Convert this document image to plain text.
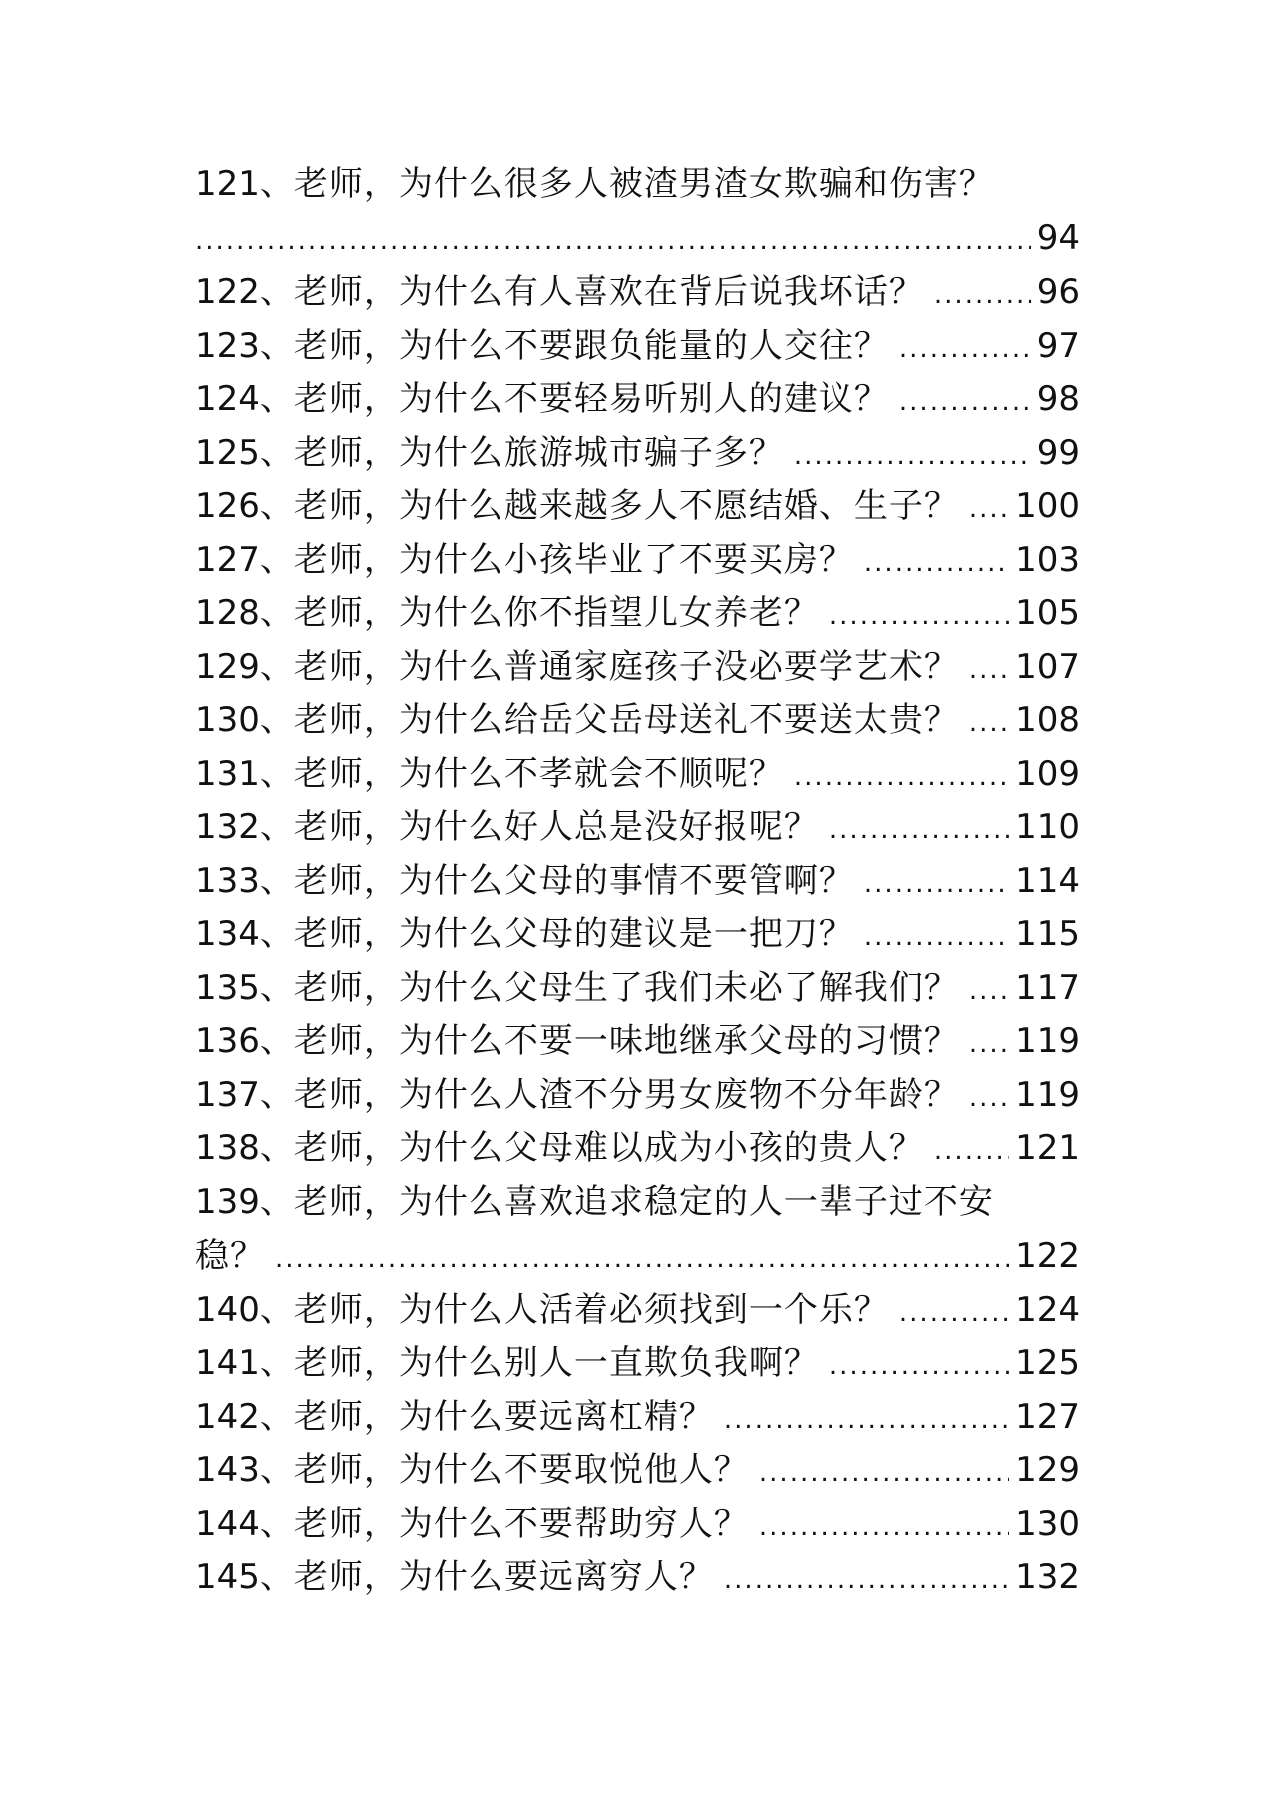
121、老师，为什么很多人被渣男渣女欺骗和伤害？
.....
94
122、 老师，为什么有人喜欢在背后说我坏话？ .....	96
123、 老师，为什么不要跟负能量的人交往？ .....	97
124、 老师，为什么不要轻易听别人的建议？ .....	98
125、 老师，为什么旅游城市骗子多？ .....	99
126、 老师，为什么越来越多人不愿结婚、生子？ ..... 100
127、 老师，为什么小孩毕业了不要买房？ .....	103
128、 老师，为什么你不指望儿女养老？ .....	105
129、 老师，为什么普通家庭孩子没必要学艺术？ ..... 107
130、 老师，为什么给岳父岳母送礼不要送太贵？ ..... 108
131、 老师，为什么不孝就会不顺呢？ .....	109
132、 老师，为什么好人总是没好报呢？ .....	110
133、 老师，为什么父母的事情不要管啊？ .....	114
134、 老师，为什么父母的建议是一把刀？ .....	115
135、 老师，为什么父母生了我们未必了解我们？ ..... 117
136、 老师，为什么不要一味地继承父母的习惯？ ..... 119
137、 老师，为什么人渣不分男女废物不分年龄？ ..... 119
138、 老师，为什么父母难以成为小孩的贵人？ .....	121
139、老师，为什么喜欢追求稳定的人一辈子过不安
稳？ .....	122
140、 老师，为什么人活着必须找到一个乐？ .....	124
141、 老师，为什么别人一直欺负我啊？ .....	125
142、 老师，为什么要远离杠精？ .....	127
143、 老师，为什么不要取悦他人？ .....	129
144、 老师，为什么不要帮助穷人？ .....	130
145、 老师，为什么要远离穷人？ .....	132
